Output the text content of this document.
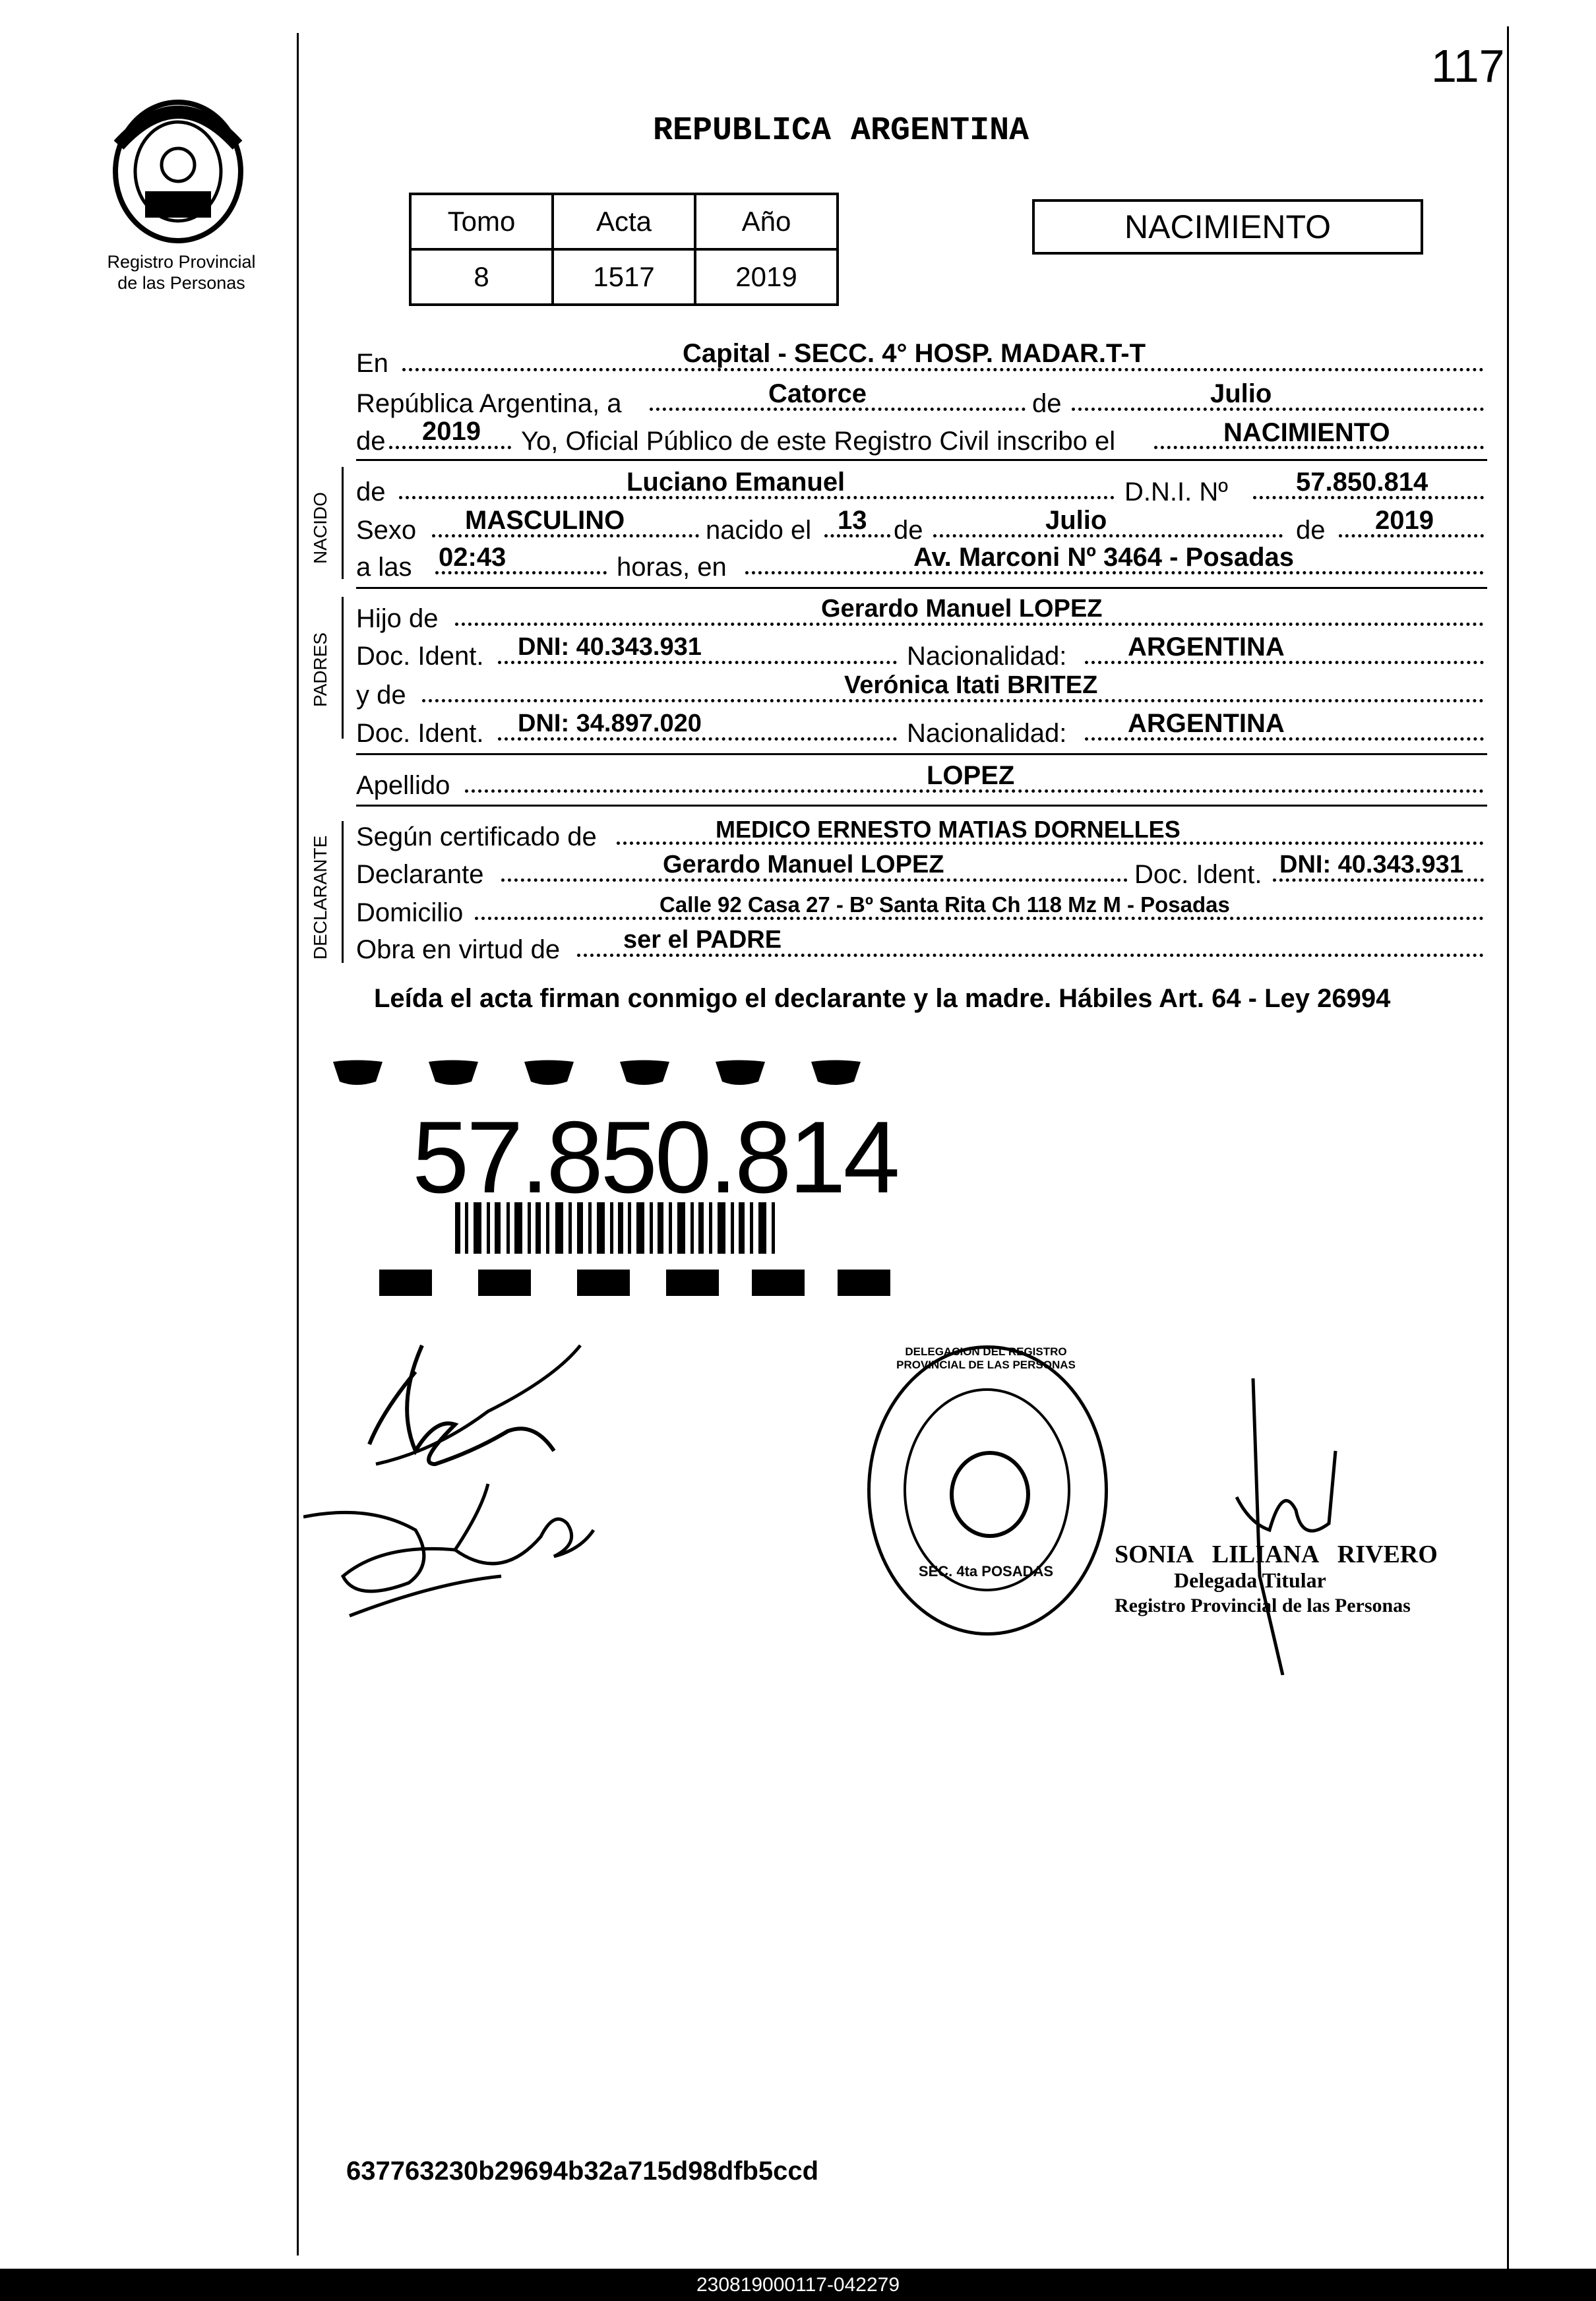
117
Registro Provincial
de las Personas
REPUBLICA ARGENTINA
Tomo	Acta	Año
8	1517	2019
NACIMIENTO
En	Capital - SECC. 4° HOSP. MADAR.T-T
República Argentina, a	Catorce	de	Julio
de 2019 Yo, Oficial Público de este Registro Civil inscribo el	NACIMIENTO
NACIDO
de	Luciano Emanuel	D.N.I. Nº	57.850.814
Sexo MASCULINO	nacido el 13 de	Julio	de 2019
a las 02:43	horas, en	Av. Marconi Nº 3464 - Posadas
PADRES
Hijo de	Gerardo Manuel LOPEZ
Doc. Ident. DNI: 40.343.931	Nacionalidad: ARGENTINA
y de	Verónica Itati BRITEZ
Doc. Ident. DNI: 34.897.020	Nacionalidad: ARGENTINA
Apellido	LOPEZ
DECLARANTE Según certificado de	MEDICO ERNESTO MATIAS DORNELLES
Declarante	Gerardo Manuel LOPEZ	Doc. Ident. DNI: 40.343.931
Domicilio	Calle 92 Casa 27 - Bº Santa Rita Ch 118 Mz M - Posadas
Obra en virtud de	ser el PADRE
Leída el acta firman conmigo el declarante y la madre. Hábiles Art. 64 - Ley 26994
57.850.814
DELEGACION DEL REGISTRO PROVINCIAL DE LAS PERSONAS
SEC. 4ta POSADAS
SONIA LILIANA RIVERO
Delegada Titular
Registro Provincial de las Personas
637763230b29694b32a715d98dfb5ccd
230819000117-042279
